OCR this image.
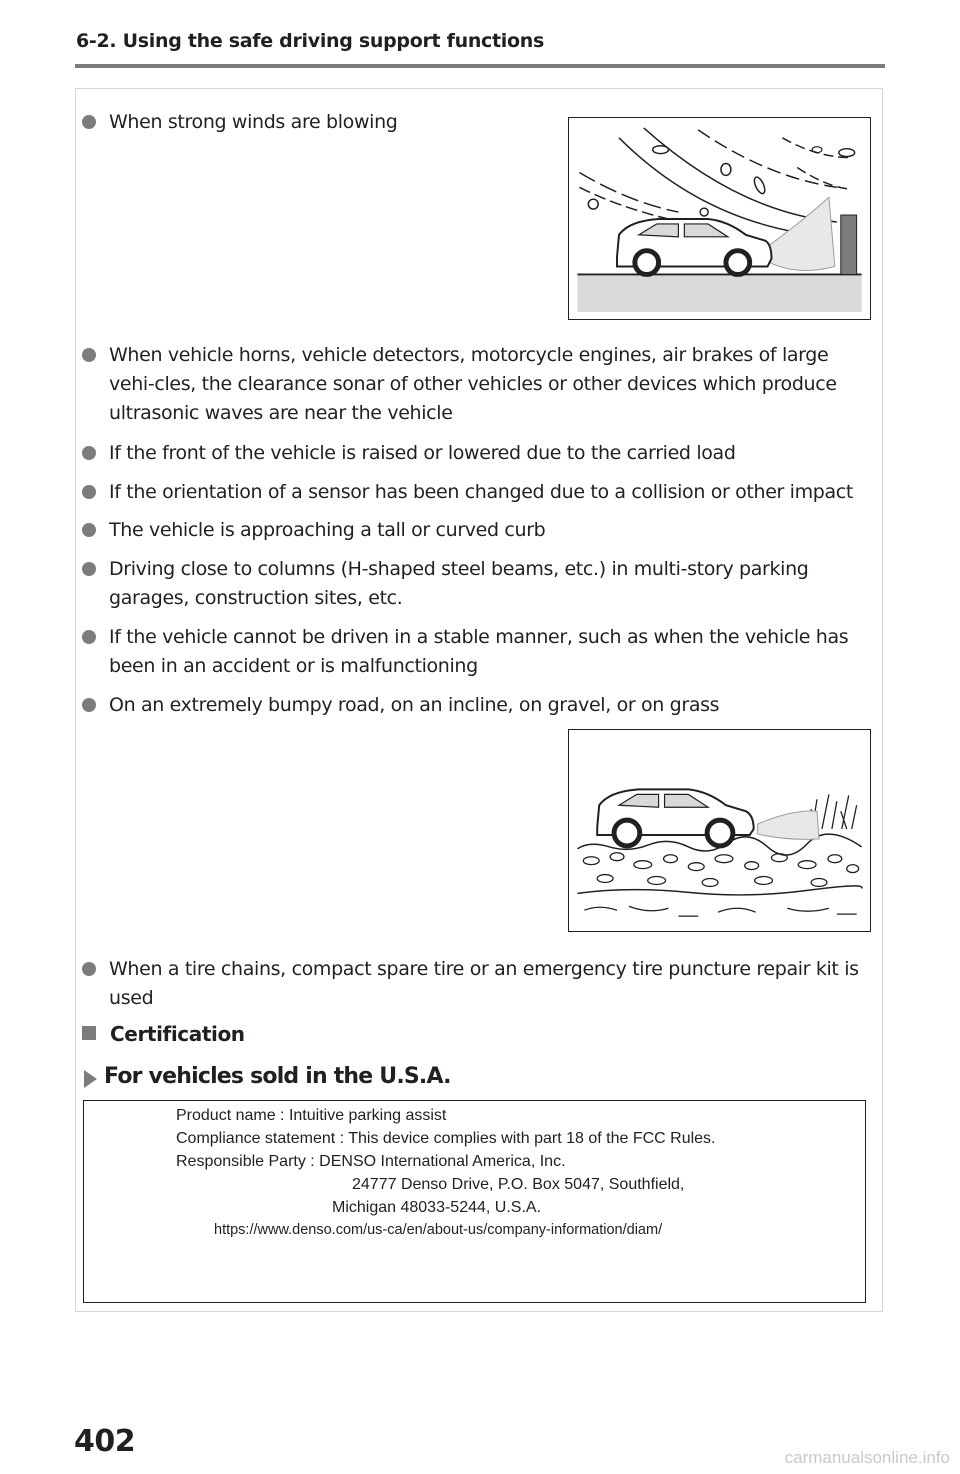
6-2. Using the safe driving support functions
When strong winds are blowing
When vehicle horns, vehicle detectors, motorcycle engines, air brakes of large vehi-cles, the clearance sonar of other vehicles or other devices which produce ultrasonic waves are near the vehicle
If the front of the vehicle is raised or lowered due to the carried load
If the orientation of a sensor has been changed due to a collision or other impact
The vehicle is approaching a tall or curved curb
Driving close to columns (H-shaped steel beams, etc.) in multi-story parking garages, construction sites, etc.
If the vehicle cannot be driven in a stable manner, such as when the vehicle has been in an accident or is malfunctioning
On an extremely bumpy road, on an incline, on gravel, or on grass
When a tire chains, compact spare tire or an emergency tire puncture repair kit is used
Certification
For vehicles sold in the U.S.A.
Product name : Intuitive parking assist
Compliance statement : This device complies with part 18 of the FCC Rules.
Responsible Party : DENSO International America, Inc.
24777 Denso Drive, P.O. Box 5047, Southfield,
Michigan 48033-5244, U.S.A.
https://www.denso.com/us-ca/en/about-us/company-information/diam/
402	carmanualsonline.info
